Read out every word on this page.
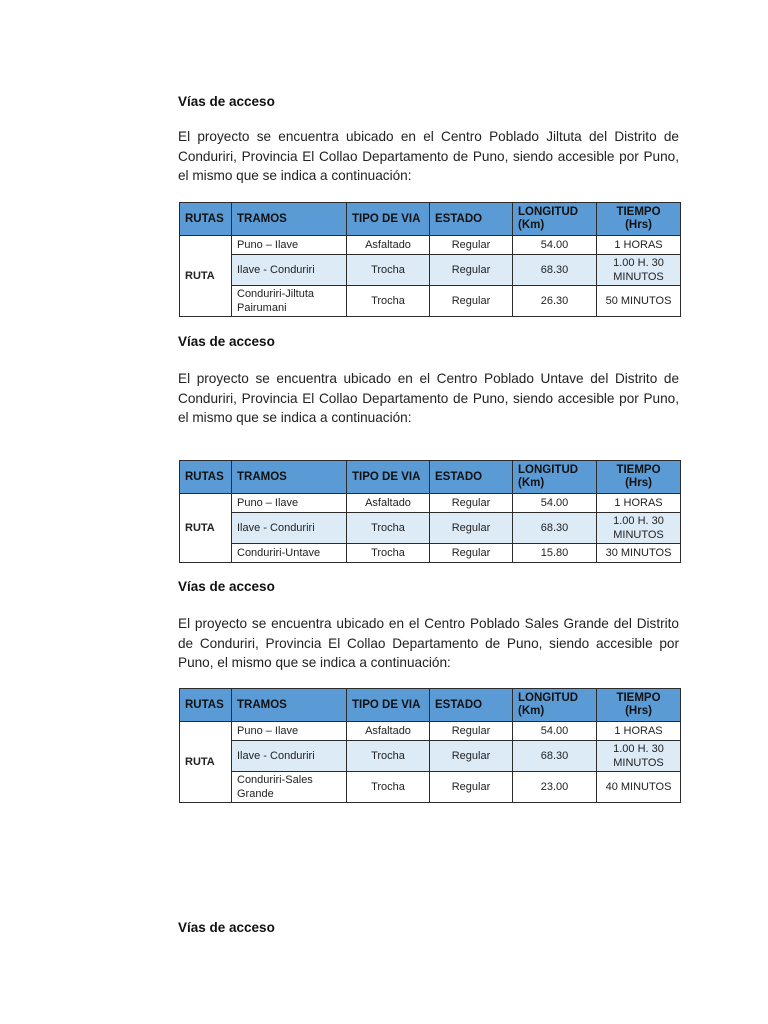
Vías de acceso
El proyecto se encuentra ubicado en el Centro Poblado Jiltuta del Distrito de Conduriri, Provincia El Collao Departamento de Puno, siendo accesible por Puno, el mismo que se indica a continuación:
RUTAS	TRAMOS	TIPO DE VIA	ESTADO	LONGITUD (Km)	TIEMPO (Hrs)
RUTA	Puno – Ilave	Asfaltado	Regular	54.00	1 HORAS
	Ilave - Conduriri	Trocha	Regular	68.30	1.00 H. 30 MINUTOS
	Conduriri-Jiltuta Pairumani	Trocha	Regular	26.30	50 MINUTOS
Vías de acceso
El proyecto se encuentra ubicado en el Centro Poblado Untave del Distrito de Conduriri, Provincia El Collao Departamento de Puno, siendo accesible por Puno, el mismo que se indica a continuación:
RUTAS	TRAMOS	TIPO DE VIA	ESTADO	LONGITUD (Km)	TIEMPO (Hrs)
RUTA	Puno – Ilave	Asfaltado	Regular	54.00	1 HORAS
	Ilave - Conduriri	Trocha	Regular	68.30	1.00 H. 30 MINUTOS
	Conduriri-Untave	Trocha	Regular	15.80	30 MINUTOS
Vías de acceso
El proyecto se encuentra ubicado en el Centro Poblado Sales Grande del Distrito de Conduriri, Provincia El Collao Departamento de Puno, siendo accesible por Puno, el mismo que se indica a continuación:
RUTAS	TRAMOS	TIPO DE VIA	ESTADO	LONGITUD (Km)	TIEMPO (Hrs)
RUTA	Puno – Ilave	Asfaltado	Regular	54.00	1 HORAS
	Ilave - Conduriri	Trocha	Regular	68.30	1.00 H. 30 MINUTOS
	Conduriri-Sales Grande	Trocha	Regular	23.00	40 MINUTOS
Vías de acceso
